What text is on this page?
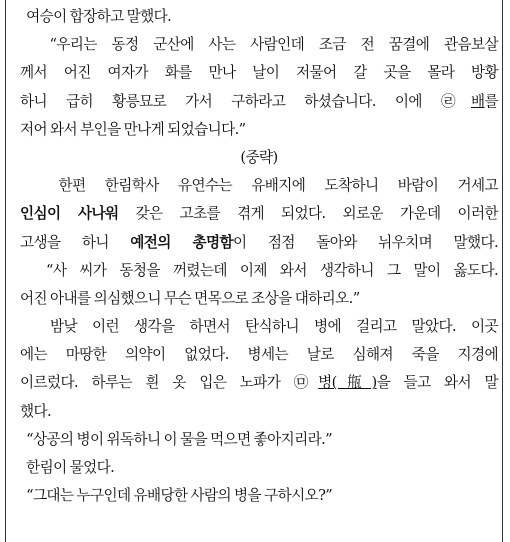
여승이 합장하고 말했다.
“우리는 동정 군산에 사는 사람인데 조금 전 꿈결에 관음보살
께서 어진 여자가 화를 만나 날이 저물어 갈 곳을 몰라 방황
하니 급히 황릉묘로 가서 구하라고 하셨습니다. 이에 ㉣배를
저어 와서 부인을 만나게 되었습니다.”
(중략)
한편 한림학사 유연수는 유배지에 도착하니 바람이 거세고
인심이 사나워 갖은 고초를 겪게 되었다. 외로운 가운데 이러한
고생을 하니 예전의 총명함이 점점 돌아와 뉘우치며 말했다.
“사 씨가 동청을 꺼렸는데 이제 와서 생각하니 그 말이 옳도다.
어진 아내를 의심했으니 무슨 면목으로 조상을 대하리오.”
밤낮 이런 생각을 하면서 탄식하니 병에 걸리고 말았다. 이곳
에는 마땅한 의약이 없었다. 병세는 날로 심해져 죽을 지경에
이르렀다. 하루는 흰 옷 입은 노파가 ㉤병(甁)을 들고 와서 말
했다.
“상공의 병이 위독하니 이 물을 먹으면 좋아지리라.”
한림이 물었다.
“그대는 누구인데 유배당한 사람의 병을 구하시오?”
